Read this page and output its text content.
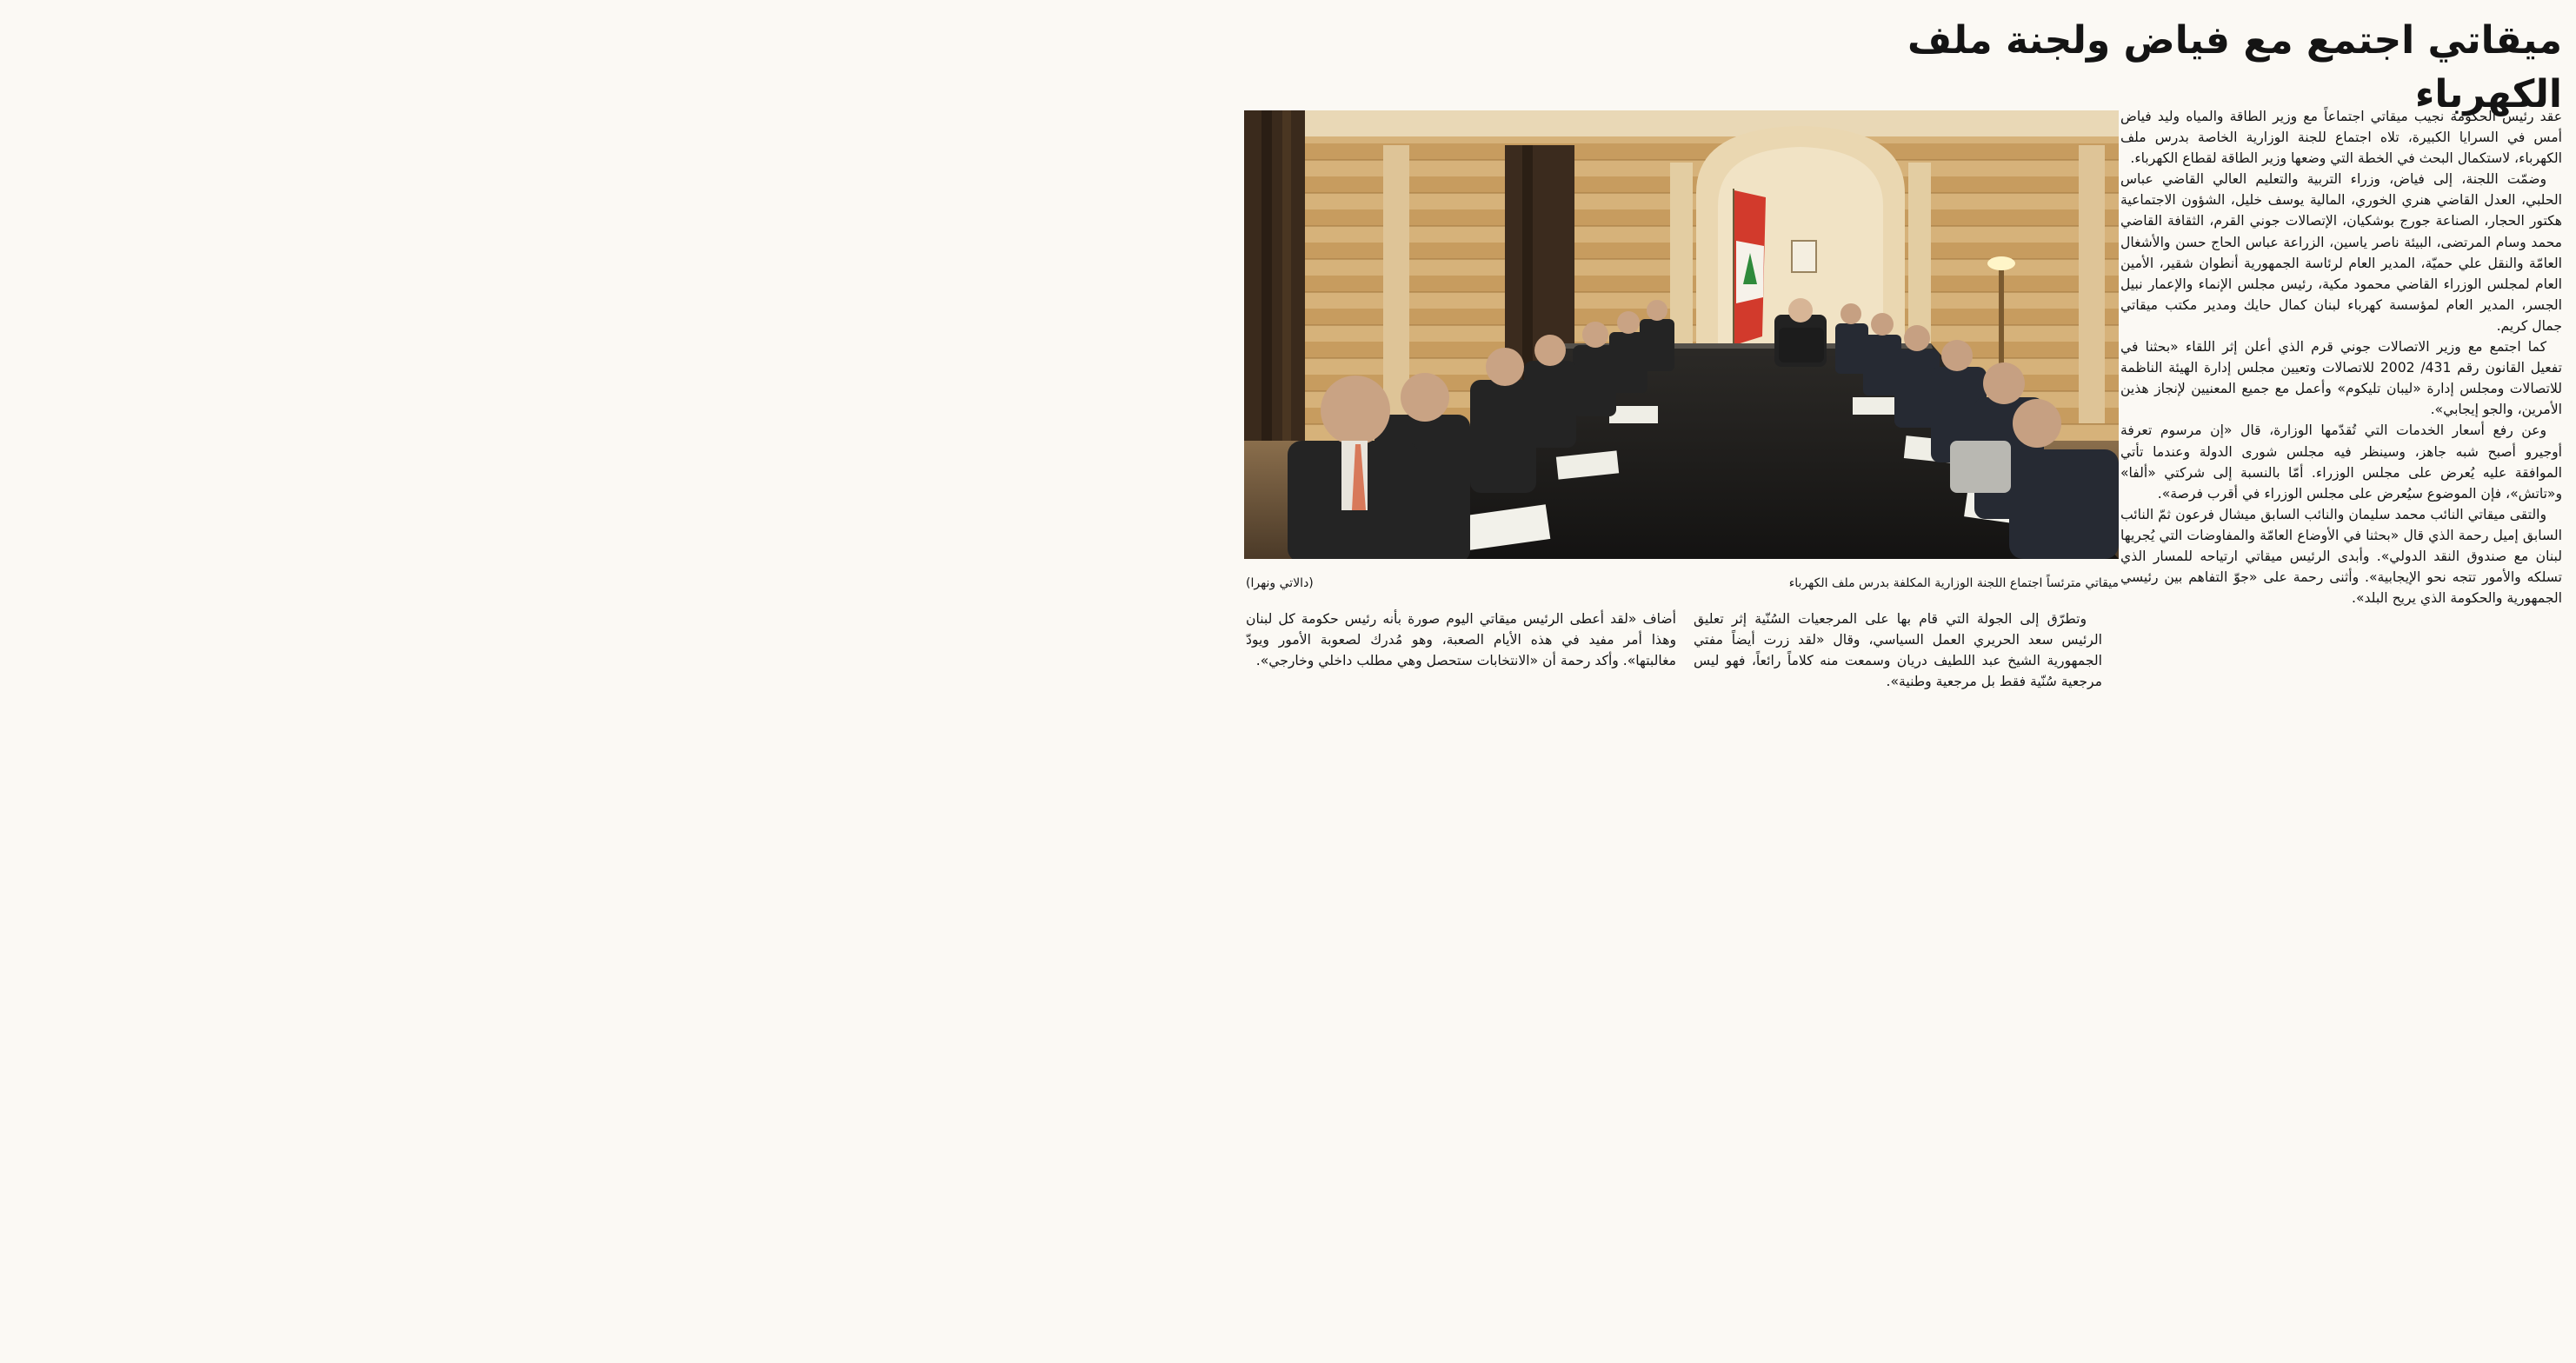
ميقاتي اجتمع مع فياض ولجنة ملف الكهرباء
ميقاتي مترئساً اجتماع اللجنة الوزارية المكلفة بدرس ملف الكهرباء
(دالاتي ونهرا)

عقد رئيس الحكومة نجيب ميقاتي اجتماعاً مع وزير الطاقة والمياه وليد فياض أمس في السرايا الكبيرة، تلاه اجتماع للجنة الوزارية الخاصة بدرس ملف الكهرباء، لاستكمال البحث في الخطة التي وضعها وزير الطاقة لقطاع الكهرباء.

وضمّت اللجنة، إلى فياض، وزراء التربية والتعليم العالي القاضي عباس الحلبي، العدل القاضي هنري الخوري، المالية يوسف خليل، الشؤون الاجتماعية هكتور الحجار، الصناعة جورج بوشكيان، الإتصالات جوني القرم، الثقافة القاضي محمد وسام المرتضى، البيئة ناصر ياسين، الزراعة عباس الحاج حسن والأشغال العامّة والنقل علي حميّة، المدير العام لرئاسة الجمهورية أنطوان شقير، الأمين العام لمجلس الوزراء القاضي محمود مكية، رئيس مجلس الإنماء والإعمار نبيل الجسر، المدير العام لمؤسسة كهرباء لبنان كمال حايك ومدير مكتب ميقاتي جمال كريم.

كما اجتمع مع وزير الاتصالات جوني قرم الذي أعلن إثر اللقاء «بحثنا في تفعيل القانون رقم 431/ 2002 للاتصالات وتعيين مجلس إدارة الهيئة الناظمة للاتصالات ومجلس إدارة «ليبان تليكوم» وأعمل مع جميع المعنيين لإنجاز هذين الأمرين، والجو إيجابي».

وعن رفع أسعار الخدمات التي تُقدّمها الوزارة، قال «إن مرسوم تعرفة أوجيرو أصبح شبه جاهز، وسينظر فيه مجلس شورى الدولة وعندما تأتي الموافقة عليه يُعرض على مجلس الوزراء. أمّا بالنسبة إلى شركتي «ألفا» و«تاتش»، فإن الموضوع سيُعرض على مجلس الوزراء في أقرب فرصة».

والتقى ميقاتي النائب محمد سليمان والنائب السابق ميشال فرعون ثمّ النائب السابق إميل رحمة الذي قال «بحثنا في الأوضاع العامّة والمفاوضات التي يُجريها لبنان مع صندوق النقد الدولي». وأبدى الرئيس ميقاتي ارتياحه للمسار الذي تسلكه والأمور تتجه نحو الإيجابية». وأثنى رحمة على «جوّ التفاهم بين رئيسي الجمهورية والحكومة الذي يريح البلد».

وتطرّق إلى الجولة التي قام بها على المرجعيات السُنّية إثر تعليق الرئيس سعد الحريري العمل السياسي، وقال «لقد زرت أيضاً مفتي الجمهورية الشيخ عبد اللطيف دريان وسمعت منه كلاماً رائعاً، فهو ليس مرجعية سُنّية فقط بل مرجعية وطنية».

أضاف «لقد أعطى الرئيس ميقاتي اليوم صورة بأنه رئيس حكومة كل لبنان وهذا أمر مفيد في هذه الأيام الصعبة، وهو مُدرك لصعوبة الأمور ويودّ مغالبتها». وأكد رحمة أن «الانتخابات ستحصل وهي مطلب داخلي وخارجي».
